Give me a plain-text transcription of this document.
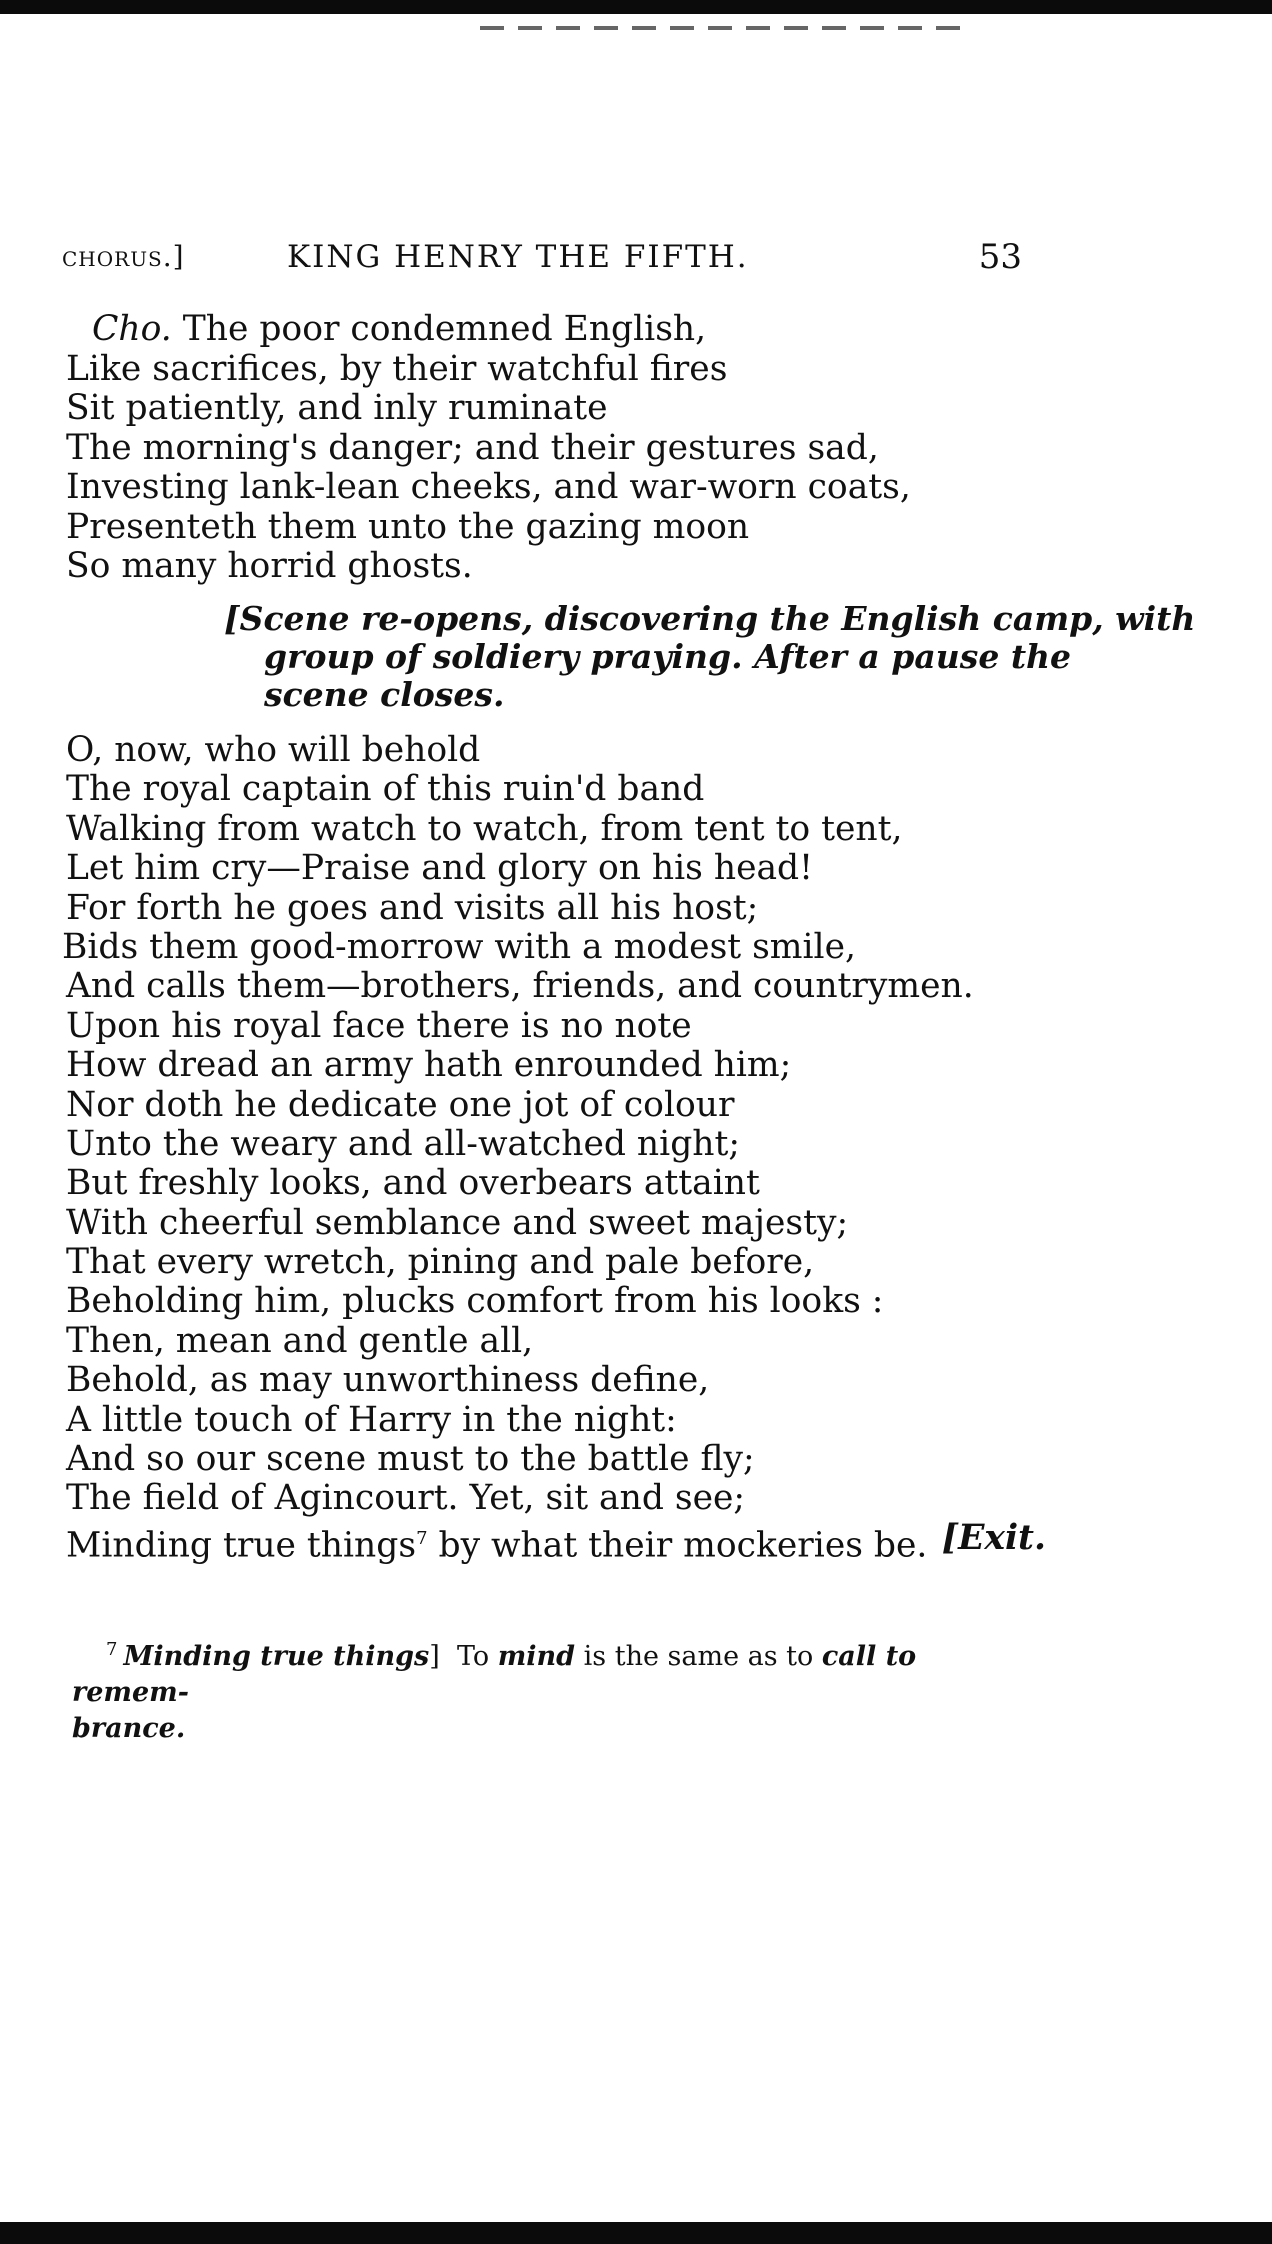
chorus.]	KING HENRY THE FIFTH.	53
Cho. The poor condemned English,
Like sacrifices, by their watchful fires
Sit patiently, and inly ruminate
The morning's danger; and their gestures sad,
Investing lank-lean cheeks, and war-worn coats,
Presenteth them unto the gazing moon
So many horrid ghosts.
[Scene re-opens, discovering the English camp, with
group of soldiery praying. After a pause the
scene closes.
O, now, who will behold
The royal captain of this ruin'd band
Walking from watch to watch, from tent to tent,
Let him cry—Praise and glory on his head!
For forth he goes and visits all his host;
Bids them good-morrow with a modest smile,
And calls them—brothers, friends, and countrymen.
Upon his royal face there is no note
How dread an army hath enrounded him;
Nor doth he dedicate one jot of colour
Unto the weary and all-watched night;
But freshly looks, and overbears attaint
With cheerful semblance and sweet majesty;
That every wretch, pining and pale before,
Beholding him, plucks comfort from his looks :
Then, mean and gentle all,
Behold, as may unworthiness define,
A little touch of Harry in the night:
And so our scene must to the battle fly;
The field of Agincourt. Yet, sit and see;
Minding true things$^7$ by what their mockeries be. [Exit.
$^7$ Minding true things]  To mind is the same as to call to remem-
brance.
